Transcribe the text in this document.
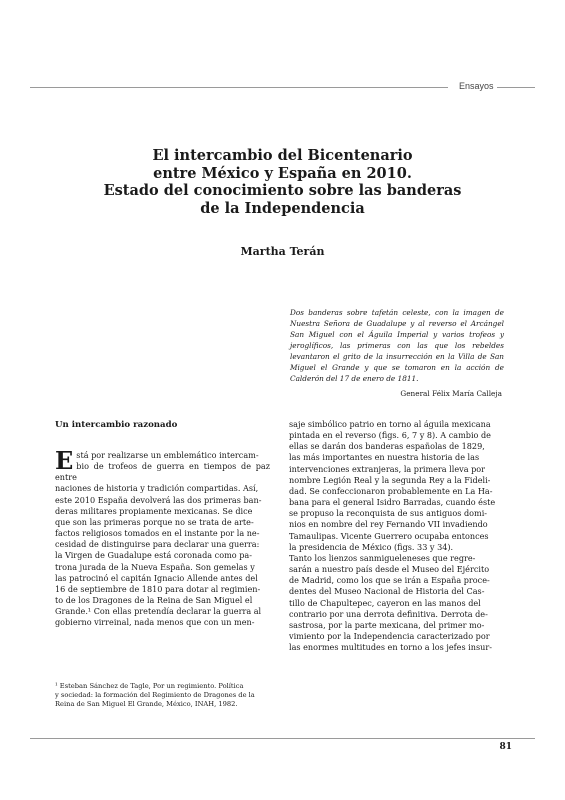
Ensayos
El intercambio del Bicentenario
entre México y España en 2010.
Estado del conocimiento sobre las banderas
de la Independencia
Martha Terán
Dos banderas sobre tafetán celeste, con la imagen de Nuestra Señora de Guadalupe y al reverso el Arcángel San Miguel con el Águila Imperial y varios trofeos y jeroglíficos, las primeras con las que los rebeldes levantaron el grito de la insurrección en la Villa de San Miguel el Grande y que se tomaron en la acción de Calderón del 17 de enero de 1811.
General Félix María Calleja
Un intercambio razonado
Está por realizarse un emblemático intercam-
bio de trofeos de guerra en tiempos de paz entre
naciones de historia y tradición compartidas. Así,
este 2010 España devolverá las dos primeras ban-
deras militares propiamente mexicanas. Se dice
que son las primeras porque no se trata de arte-
factos religiosos tomados en el instante por la ne-
cesidad de distinguirse para declarar una guerra:
la Virgen de Guadalupe está coronada como pa-
trona jurada de la Nueva España. Son gemelas y
las patrocinó el capitán Ignacio Allende antes del
16 de septiembre de 1810 para dotar al regimien-
to de los Dragones de la Reina de San Miguel el
Grande.¹ Con ellas pretendía declarar la guerra al
gobierno virreinal, nada menos que con un men-
saje simbólico patrio en torno al águila mexicana
pintada en el reverso (figs. 6, 7 y 8). A cambio de
ellas se darán dos banderas españolas de 1829,
las más importantes en nuestra historia de las
intervenciones extranjeras, la primera lleva por
nombre Legión Real y la segunda Rey a la Fideli-
dad. Se confeccionaron probablemente en La Ha-
bana para el general Isidro Barradas, cuando éste
se propuso la reconquista de sus antiguos domi-
nios en nombre del rey Fernando VII invadiendo
Tamaulipas. Vicente Guerrero ocupaba entonces
la presidencia de México (figs. 33 y 34).
Tanto los lienzos sanmigueleneses que regre-
sarán a nuestro país desde el Museo del Ejército
de Madrid, como los que se irán a España proce-
dentes del Museo Nacional de Historia del Cas-
tillo de Chapultepec, cayeron en las manos del
contrario por una derrota definitiva. Derrota de-
sastrosa, por la parte mexicana, del primer mo-
vimiento por la Independencia caracterizado por
las enormes multitudes en torno a los jefes insur-
¹ Esteban Sánchez de Tagle, Por un regimiento. Política
y sociedad: la formación del Regimiento de Dragones de la
Reina de San Miguel El Grande, México, INAH, 1982.
81
